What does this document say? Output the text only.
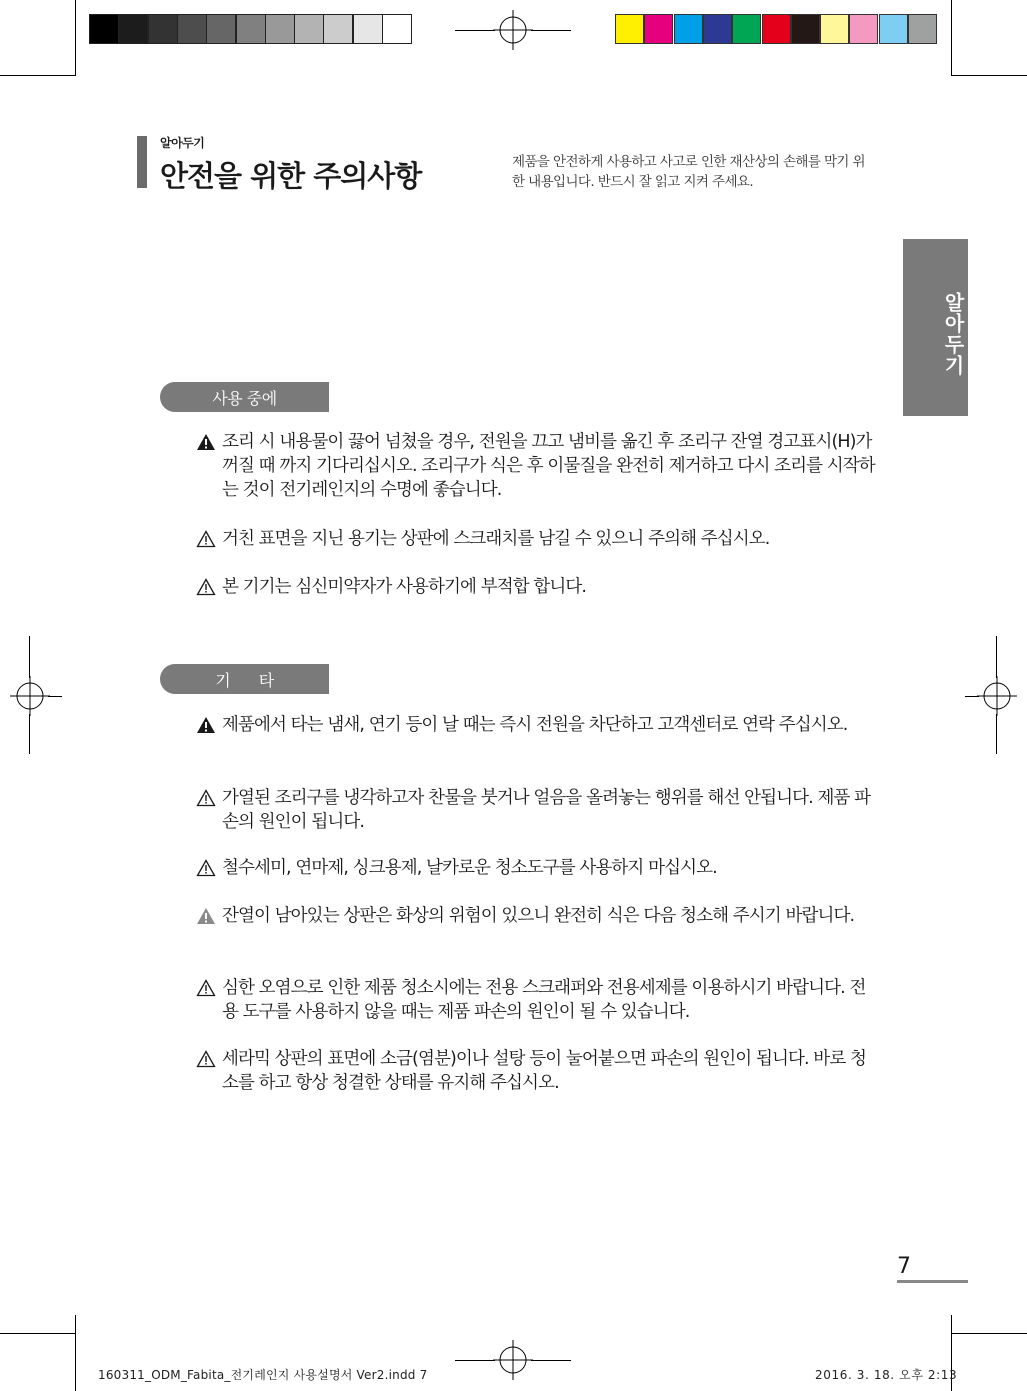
알아두기
안전을 위한 주의사항	제품을 안전하게 사용하고 사고로 인한 재산상의 손해를 막기 위한 내용입니다. 반드시 잘 읽고 지켜 주세요.
알아두기
사용 중에
조리 시 내용물이 끓어 넘쳤을 경우, 전원을 끄고 냄비를 옮긴 후 조리구 잔열 경고표시(H)가 꺼질 때 까지 기다리십시오. 조리구가 식은 후 이물질을 완전히 제거하고 다시 조리를 시작하는 것이 전기레인지의 수명에 좋습니다.
거친 표면을 지닌 용기는 상판에 스크래치를 남길 수 있으니 주의해 주십시오.
본 기기는 심신미약자가 사용하기에 부적합 합니다.
기 타
제품에서 타는 냄새, 연기 등이 날 때는 즉시 전원을 차단하고 고객센터로 연락 주십시오.
가열된 조리구를 냉각하고자 찬물을 붓거나 얼음을 올려놓는 행위를 해선 안됩니다. 제품 파손의 원인이 됩니다.
철수세미, 연마제, 싱크용제, 날카로운 청소도구를 사용하지 마십시오.
잔열이 남아있는 상판은 화상의 위험이 있으니 완전히 식은 다음 청소해 주시기 바랍니다.
심한 오염으로 인한 제품 청소시에는 전용 스크래퍼와 전용세제를 이용하시기 바랍니다. 전용 도구를 사용하지 않을 때는 제품 파손의 원인이 될 수 있습니다.
세라믹 상판의 표면에 소금(염분)이나 설탕 등이 눌어붙으면 파손의 원인이 됩니다. 바로 청소를 하고 항상 청결한 상태를 유지해 주십시오.
7
160311_ODM_Fabita_전기레인지 사용설명서 Ver2.indd 7	2016. 3. 18. 오후 2:13
